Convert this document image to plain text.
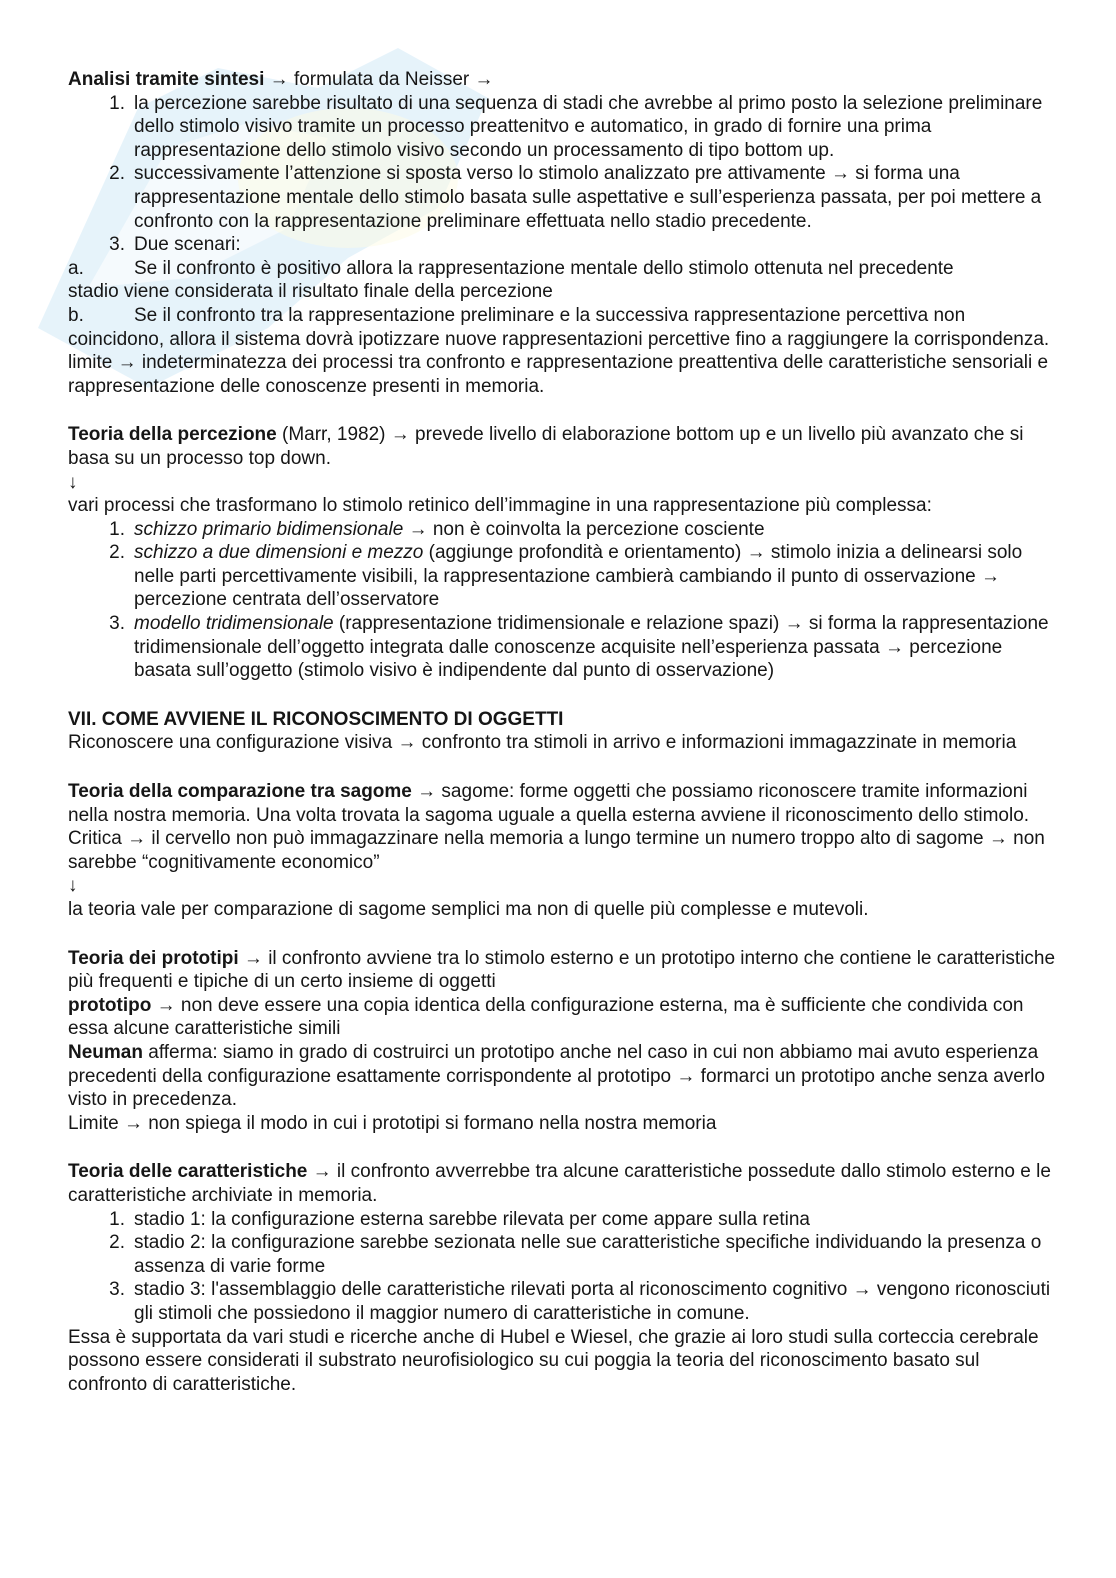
Analisi tramite sintesi → formulata da Neisser →

1. la percezione sarebbe risultato di una sequenza di stadi che avrebbe al primo posto la selezione preliminare dello stimolo visivo tramite un processo preattenitvo e automatico, in grado di fornire una prima rappresentazione dello stimolo visivo secondo un processamento di tipo bottom up.
2. successivamente l’attenzione si sposta verso lo stimolo analizzato pre attivamente → si forma una rappresentazione mentale dello stimolo basata sulle aspettative e sull’esperienza passata, per poi mettere a confronto con la rappresentazione preliminare effettuata nello stadio precedente.
3. Due scenari:
a.	Se il confronto è positivo allora la rappresentazione mentale dello stimolo ottenuta nel precedente

stadio viene considerata il risultato finale della percezione

b.	Se il confronto tra la rappresentazione preliminare e la successiva rappresentazione percettiva non

coincidono, allora il sistema dovrà ipotizzare nuove rappresentazioni percettive fino a raggiungere la corrispondenza.

limite → indeterminatezza dei processi tra confronto e rappresentazione preattentiva delle caratteristiche sensoriali e rappresentazione delle conoscenze presenti in memoria.

Teoria della percezione (Marr, 1982) → prevede livello di elaborazione bottom up e un livello più avanzato che si basa su un processo top down.

↓

vari processi che trasformano lo stimolo retinico dell’immagine in una rappresentazione più complessa:

1. schizzo primario bidimensionale → non è coinvolta la percezione cosciente
2. schizzo a due dimensioni e mezzo (aggiunge profondità e orientamento) → stimolo inizia a delinearsi solo nelle parti percettivamente visibili, la rappresentazione cambierà cambiando il punto di osservazione → percezione centrata dell’osservatore
3. modello tridimensionale (rappresentazione tridimensionale e relazione spazi) → si forma la rappresentazione tridimensionale dell’oggetto integrata dalle conoscenze acquisite nell’esperienza passata → percezione basata sull’oggetto (stimolo visivo è indipendente dal punto di osservazione)

VII. COME AVVIENE IL RICONOSCIMENTO DI OGGETTI

Riconoscere una configurazione visiva → confronto tra stimoli in arrivo e informazioni immagazzinate in memoria

Teoria della comparazione tra sagome → sagome: forme oggetti che possiamo riconoscere tramite informazioni nella nostra memoria. Una volta trovata la sagoma uguale a quella esterna avviene il riconoscimento dello stimolo.

Critica → il cervello non può immagazzinare nella memoria a lungo termine un numero troppo alto di sagome → non sarebbe “cognitivamente economico”

↓

la teoria vale per comparazione di sagome semplici ma non di quelle più complesse e mutevoli.

Teoria dei prototipi → il confronto avviene tra lo stimolo esterno e un prototipo interno che contiene le caratteristiche più frequenti e tipiche di un certo insieme di oggetti

prototipo → non deve essere una copia identica della configurazione esterna, ma è sufficiente che condivida con essa alcune caratteristiche simili

Neuman afferma: siamo in grado di costruirci un prototipo anche nel caso in cui non abbiamo mai avuto esperienza precedenti della configurazione esattamente corrispondente al prototipo → formarci un prototipo anche senza averlo visto in precedenza.

Limite → non spiega il modo in cui i prototipi si formano nella nostra memoria

Teoria delle caratteristiche → il confronto avverrebbe tra alcune caratteristiche possedute dallo stimolo esterno e le caratteristiche archiviate in memoria.

1. stadio 1: la configurazione esterna sarebbe rilevata per come appare sulla retina
2. stadio 2: la configurazione sarebbe sezionata nelle sue caratteristiche specifiche individuando la presenza o assenza di varie forme
3. stadio 3: l'assemblaggio delle caratteristiche rilevati porta al riconoscimento cognitivo → vengono riconosciuti gli stimoli che possiedono il maggior numero di caratteristiche in comune.

Essa è supportata da vari studi e ricerche anche di Hubel e Wiesel, che grazie ai loro studi sulla corteccia cerebrale possono essere considerati il substrato neurofisiologico su cui poggia la teoria del riconoscimento basato sul confronto di caratteristiche.
